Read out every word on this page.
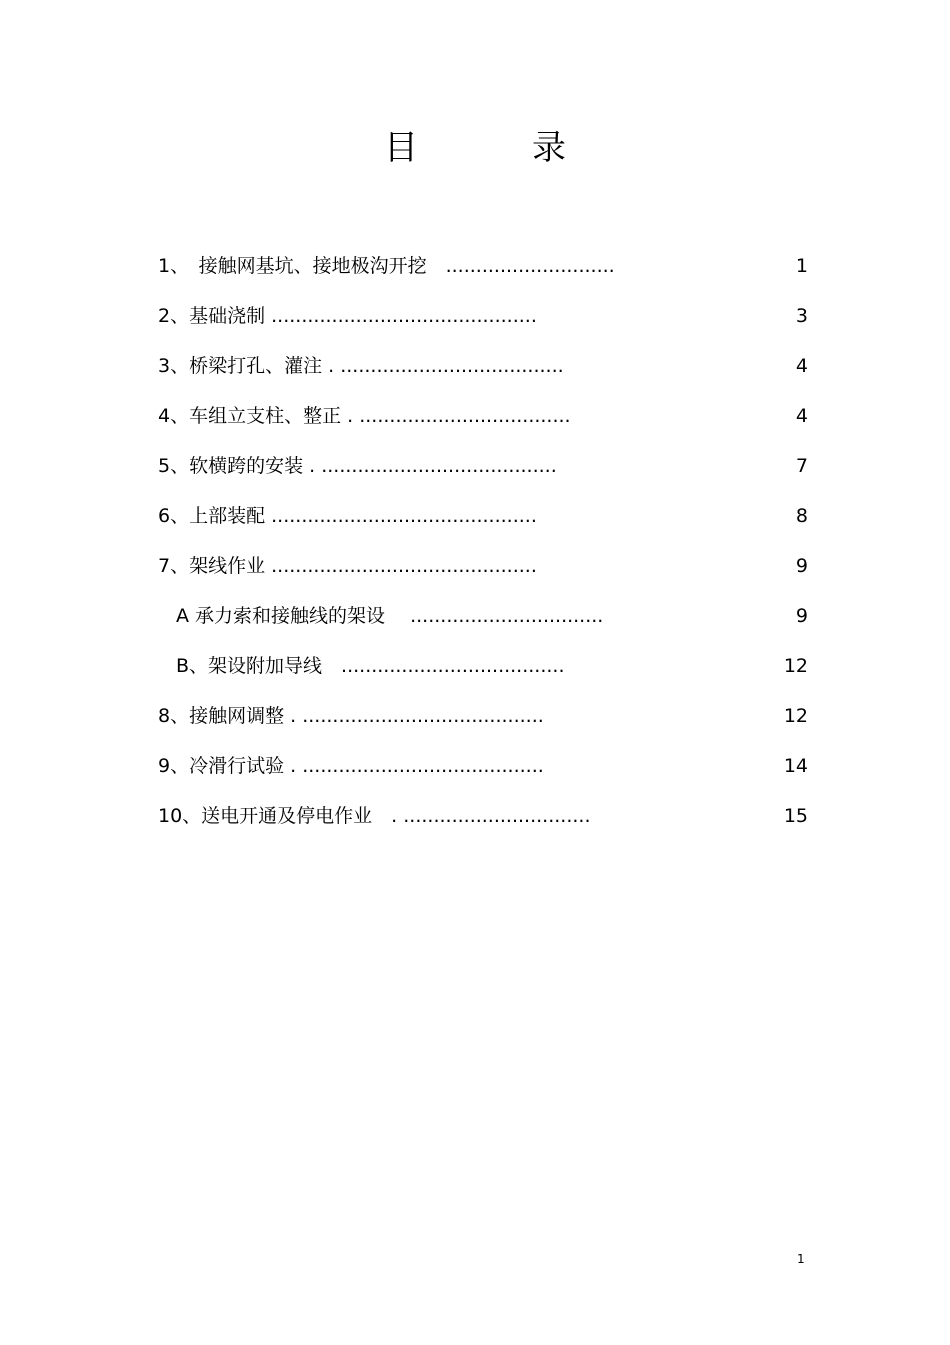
目　录
1、　接触网基坑、接地极沟开挖　............................	1
2、基础浇制 ............................................	3
3、桥梁打孔、灌注 . .....................................	4
4、车组立支柱、整正 . ...................................	4
5、软横跨的安装 . .......................................	7
6、上部装配 ............................................	8
7、架线作业 ............................................	9
A 承力索和接触线的架设　 ................................	9
B、架设附加导线　.....................................	12
8、接触网调整 . ........................................	12
9、冷滑行试验 . ........................................	14
10、送电开通及停电作业　. ...............................	15
1
